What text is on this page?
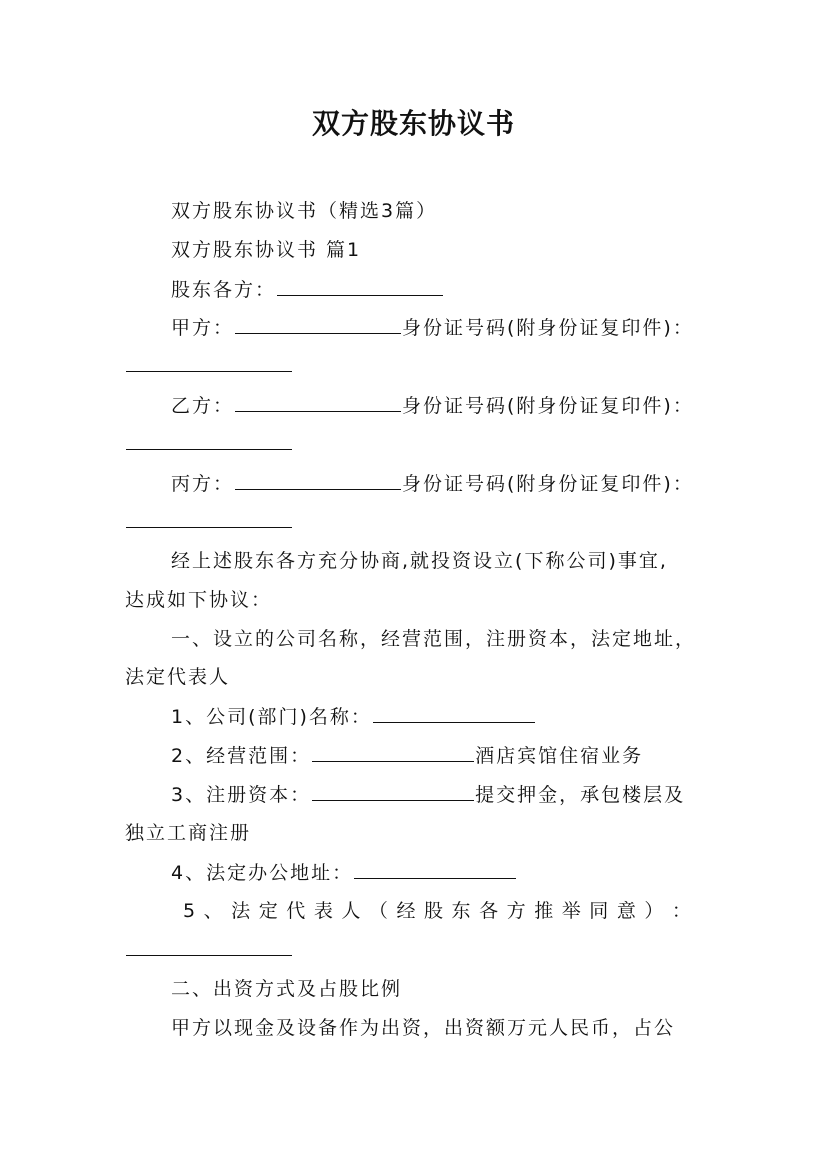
双方股东协议书
双方股东协议书（精选3篇）
双方股东协议书 篇1
股东各方：
甲方：	身份证号码(附身份证复印件)：
乙方：	身份证号码(附身份证复印件)：
丙方：	身份证号码(附身份证复印件)：
经上述股东各方充分协商,就投资设立(下称公司)事宜,
达成如下协议：
一、设立的公司名称，经营范围，注册资本，法定地址，
法定代表人
1、公司(部门)名称：
2、经营范围：	酒店宾馆住宿业务
3、注册资本：	提交押金，承包楼层及
独立工商注册
4、法定办公地址：
5 、 法 定 代 表 人 （ 经 股 东 各 方 推 举 同 意 ） ：
二、出资方式及占股比例
甲方以现金及设备作为出资，出资额万元人民币，占公
